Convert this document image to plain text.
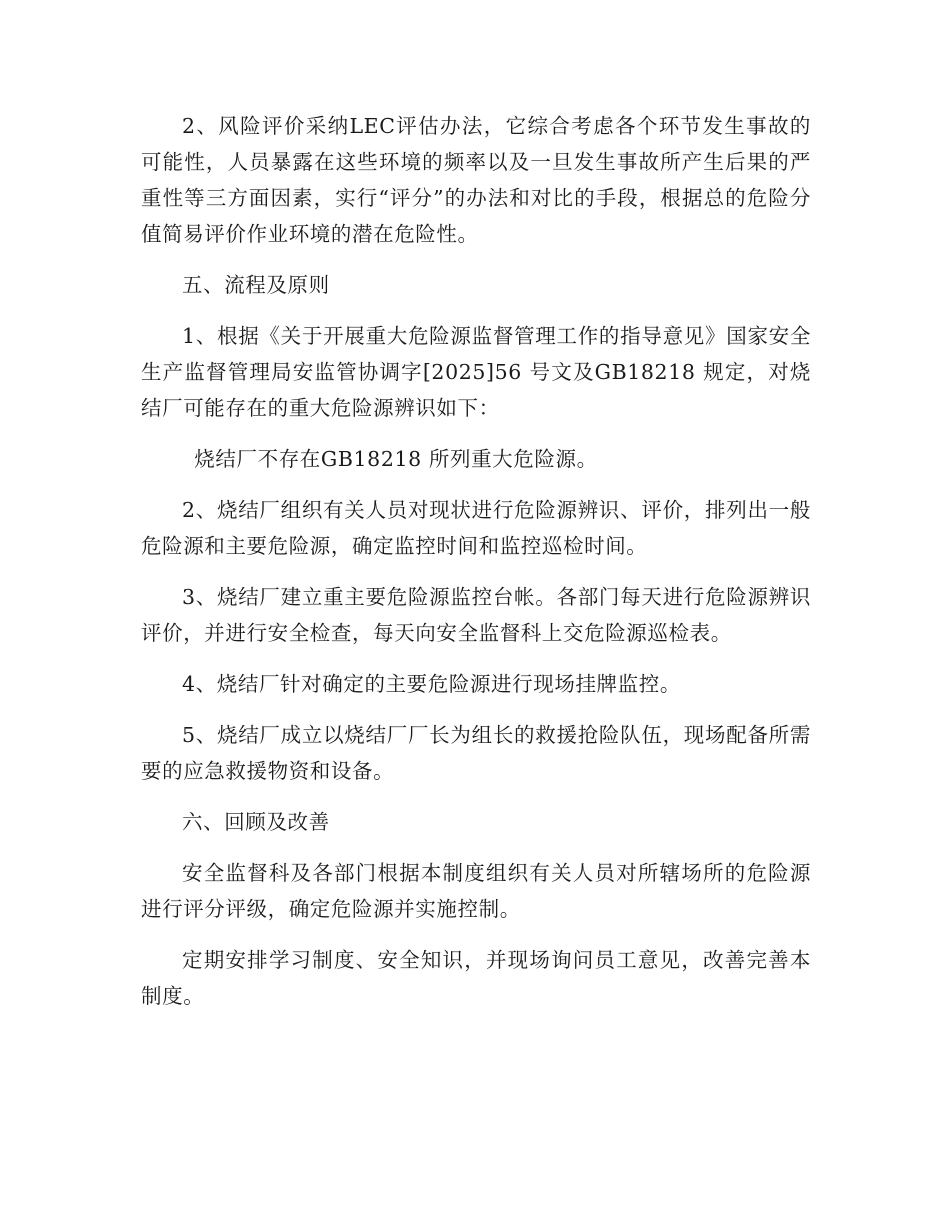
2、风险评价采纳LEC评估办法，它综合考虑各个环节发生事故的可能性，人员暴露在这些环境的频率以及一旦发生事故所产生后果的严重性等三方面因素，实行“评分”的办法和对比的手段，根据总的危险分值简易评价作业环境的潜在危险性。

五、流程及原则

1、根据《关于开展重大危险源监督管理工作的指导意见》国家安全生产监督管理局安监管协调字[2025]56 号文及GB18218 规定，对烧结厂可能存在的重大危险源辨识如下：

烧结厂不存在GB18218 所列重大危险源。

2、烧结厂组织有关人员对现状进行危险源辨识、评价，排列出一般危险源和主要危险源，确定监控时间和监控巡检时间。

3、烧结厂建立重主要危险源监控台帐。各部门每天进行危险源辨识评价，并进行安全检查，每天向安全监督科上交危险源巡检表。

4、烧结厂针对确定的主要危险源进行现场挂牌监控。

5、烧结厂成立以烧结厂厂长为组长的救援抢险队伍，现场配备所需要的应急救援物资和设备。

六、回顾及改善

安全监督科及各部门根据本制度组织有关人员对所辖场所的危险源进行评分评级，确定危险源并实施控制。

定期安排学习制度、安全知识，并现场询问员工意见，改善完善本制度。
